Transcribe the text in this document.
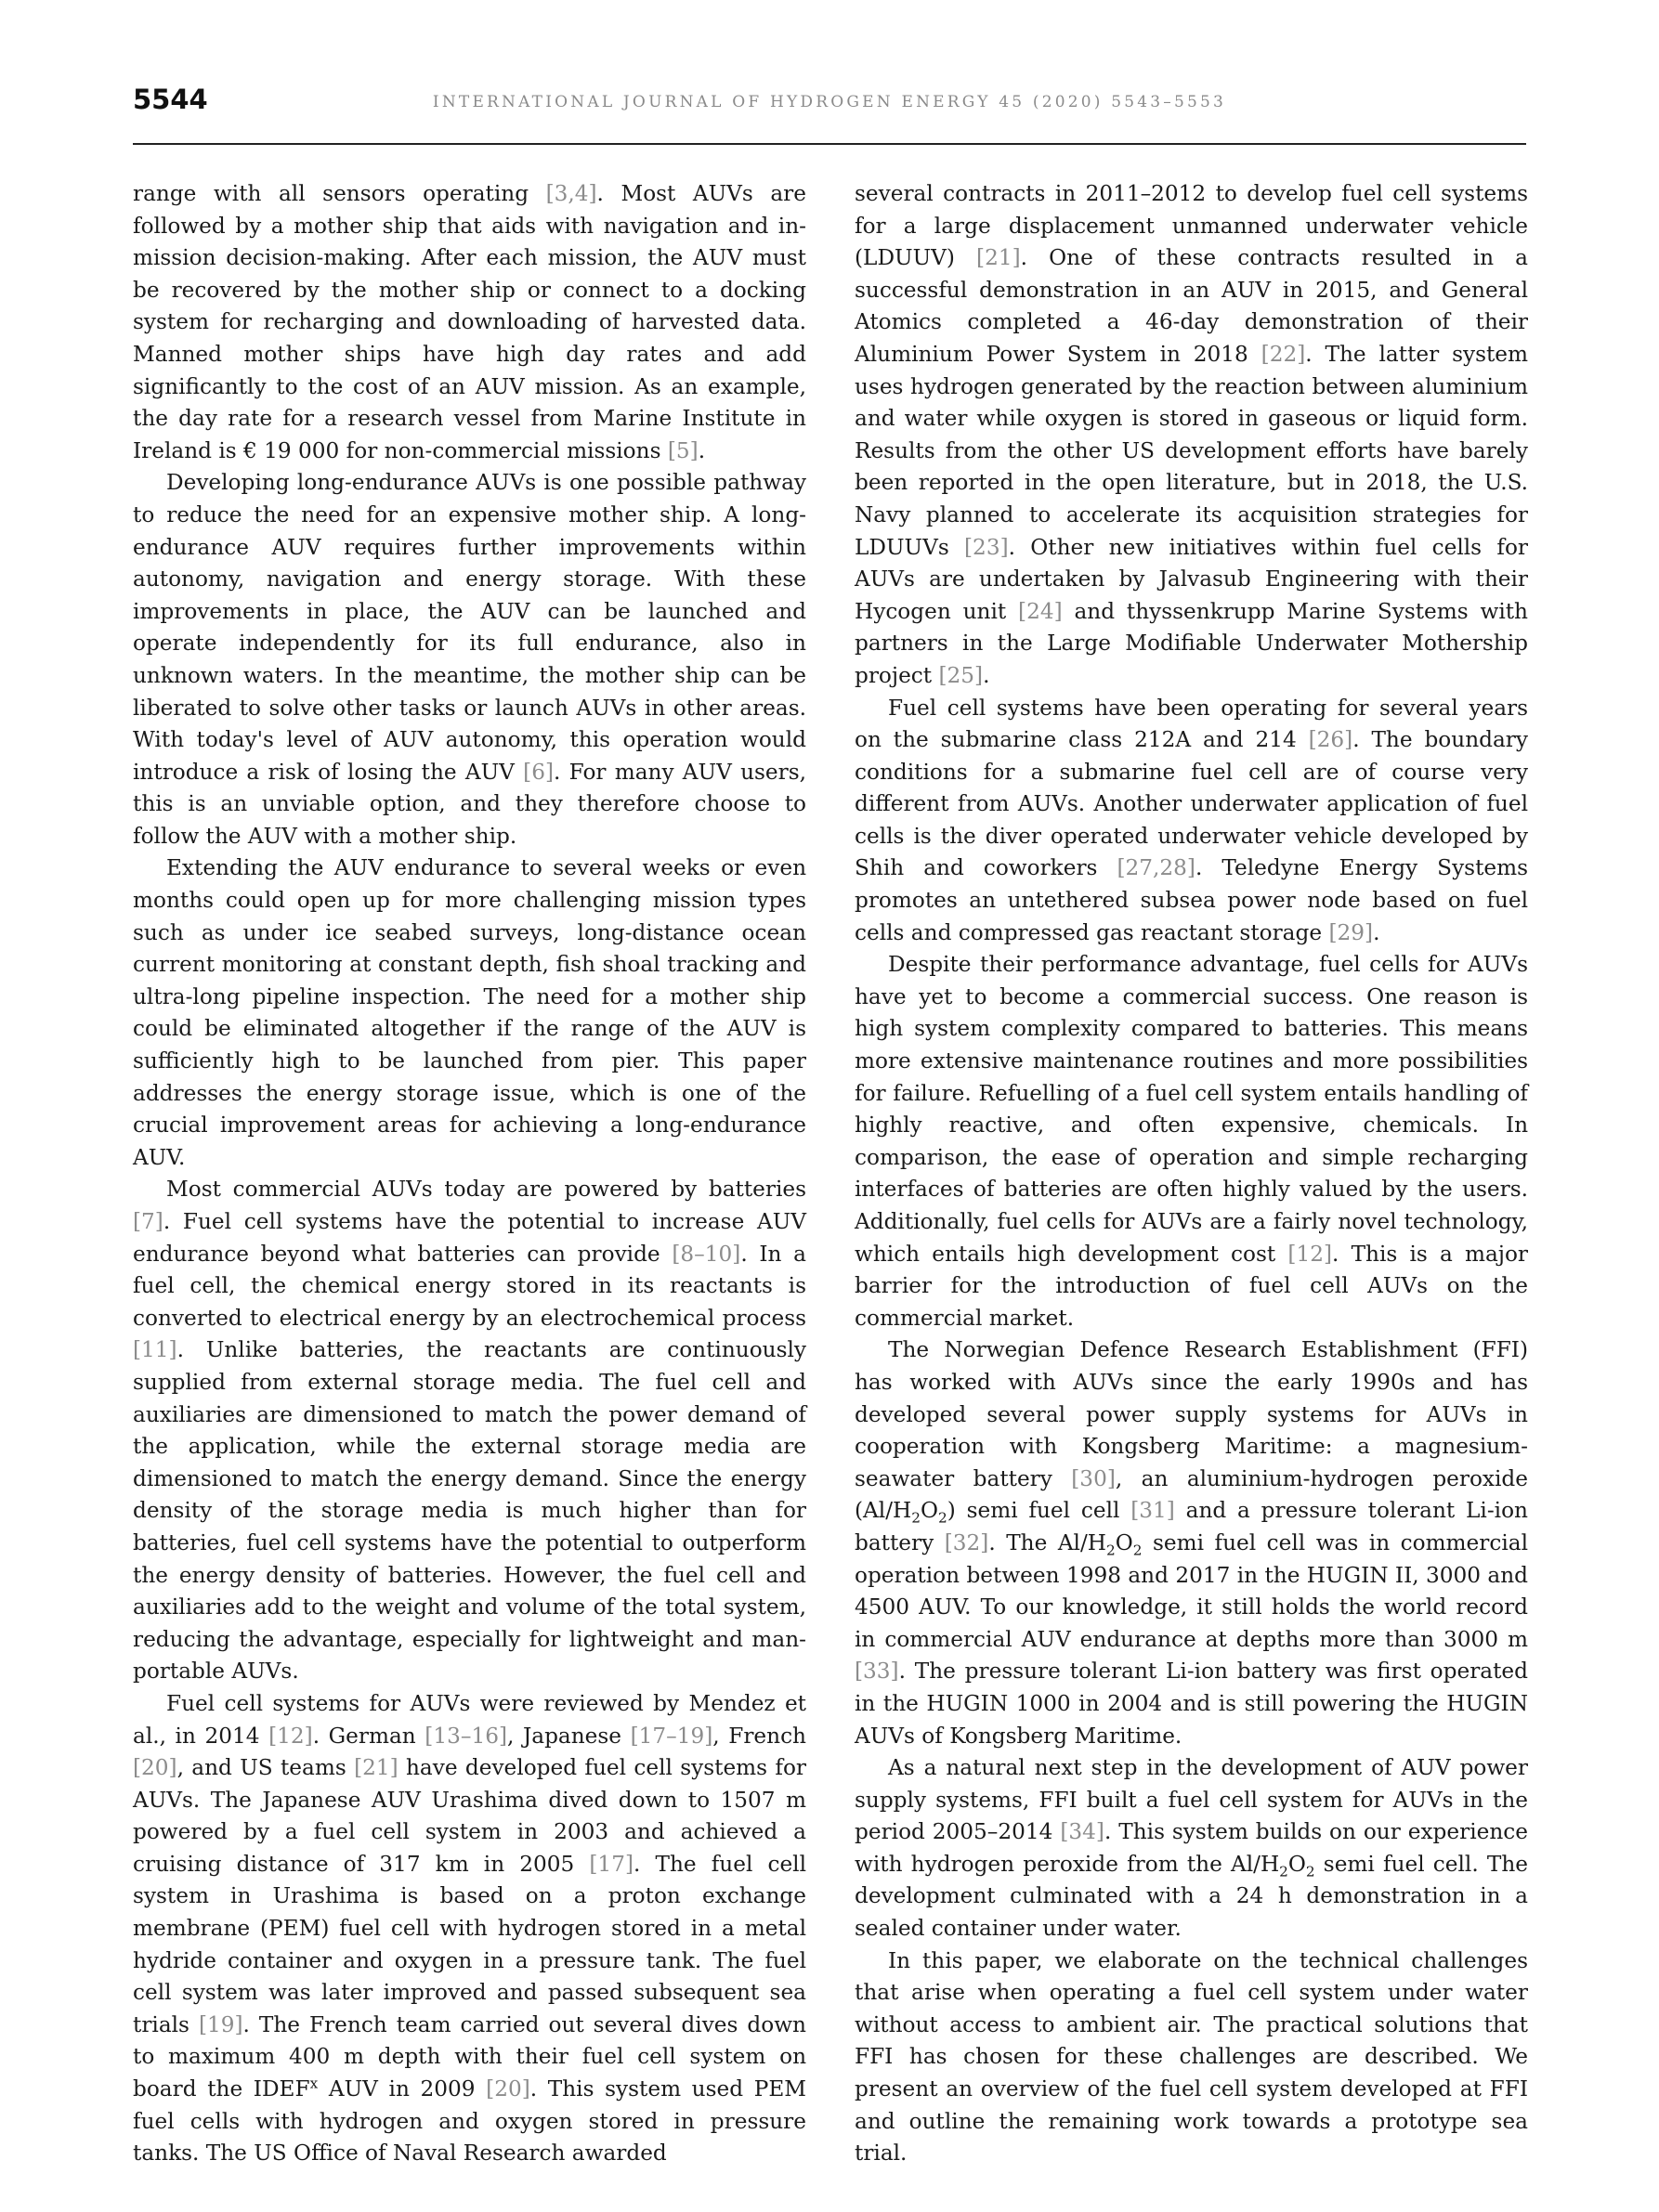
5544	INTERNATIONAL JOURNAL OF HYDROGEN ENERGY 45 (2020) 5543–5553

range with all sensors operating [3,4]. Most AUVs are followed by a mother ship that aids with navigation and in-mission decision-making. After each mission, the AUV must be recovered by the mother ship or connect to a docking system for recharging and downloading of harvested data. Manned mother ships have high day rates and add significantly to the cost of an AUV mission. As an example, the day rate for a research vessel from Marine Institute in Ireland is € 19 000 for non-commercial missions [5].

Developing long-endurance AUVs is one possible pathway to reduce the need for an expensive mother ship. A long-endurance AUV requires further improvements within autonomy, navigation and energy storage. With these improvements in place, the AUV can be launched and operate independently for its full endurance, also in unknown waters. In the meantime, the mother ship can be liberated to solve other tasks or launch AUVs in other areas. With today's level of AUV autonomy, this operation would introduce a risk of losing the AUV [6]. For many AUV users, this is an unviable option, and they therefore choose to follow the AUV with a mother ship.

Extending the AUV endurance to several weeks or even months could open up for more challenging mission types such as under ice seabed surveys, long-distance ocean current monitoring at constant depth, fish shoal tracking and ultra-long pipeline inspection. The need for a mother ship could be eliminated altogether if the range of the AUV is sufficiently high to be launched from pier. This paper addresses the energy storage issue, which is one of the crucial improvement areas for achieving a long-endurance AUV.

Most commercial AUVs today are powered by batteries [7]. Fuel cell systems have the potential to increase AUV endurance beyond what batteries can provide [8–10]. In a fuel cell, the chemical energy stored in its reactants is converted to electrical energy by an electrochemical process [11]. Unlike batteries, the reactants are continuously supplied from external storage media. The fuel cell and auxiliaries are dimensioned to match the power demand of the application, while the external storage media are dimensioned to match the energy demand. Since the energy density of the storage media is much higher than for batteries, fuel cell systems have the potential to outperform the energy density of batteries. However, the fuel cell and auxiliaries add to the weight and volume of the total system, reducing the advantage, especially for lightweight and man-portable AUVs.

Fuel cell systems for AUVs were reviewed by Mendez et al., in 2014 [12]. German [13–16], Japanese [17–19], French [20], and US teams [21] have developed fuel cell systems for AUVs. The Japanese AUV Urashima dived down to 1507 m powered by a fuel cell system in 2003 and achieved a cruising distance of 317 km in 2005 [17]. The fuel cell system in Urashima is based on a proton exchange membrane (PEM) fuel cell with hydrogen stored in a metal hydride container and oxygen in a pressure tank. The fuel cell system was later improved and passed subsequent sea trials [19]. The French team carried out several dives down to maximum 400 m depth with their fuel cell system on board the IDEF$^x$ AUV in 2009 [20]. This system used PEM fuel cells with hydrogen and oxygen stored in pressure tanks. The US Office of Naval Research awarded

several contracts in 2011–2012 to develop fuel cell systems for a large displacement unmanned underwater vehicle (LDUUV) [21]. One of these contracts resulted in a successful demonstration in an AUV in 2015, and General Atomics completed a 46-day demonstration of their Aluminium Power System in 2018 [22]. The latter system uses hydrogen generated by the reaction between aluminium and water while oxygen is stored in gaseous or liquid form. Results from the other US development efforts have barely been reported in the open literature, but in 2018, the U.S. Navy planned to accelerate its acquisition strategies for LDUUVs [23]. Other new initiatives within fuel cells for AUVs are undertaken by Jalvasub Engineering with their Hycogen unit [24] and thyssenkrupp Marine Systems with partners in the Large Modifiable Underwater Mothership project [25].

Fuel cell systems have been operating for several years on the submarine class 212A and 214 [26]. The boundary conditions for a submarine fuel cell are of course very different from AUVs. Another underwater application of fuel cells is the diver operated underwater vehicle developed by Shih and coworkers [27,28]. Teledyne Energy Systems promotes an untethered subsea power node based on fuel cells and compressed gas reactant storage [29].

Despite their performance advantage, fuel cells for AUVs have yet to become a commercial success. One reason is high system complexity compared to batteries. This means more extensive maintenance routines and more possibilities for failure. Refuelling of a fuel cell system entails handling of highly reactive, and often expensive, chemicals. In comparison, the ease of operation and simple recharging interfaces of batteries are often highly valued by the users. Additionally, fuel cells for AUVs are a fairly novel technology, which entails high development cost [12]. This is a major barrier for the introduction of fuel cell AUVs on the commercial market.

The Norwegian Defence Research Establishment (FFI) has worked with AUVs since the early 1990s and has developed several power supply systems for AUVs in cooperation with Kongsberg Maritime: a magnesium-seawater battery [30], an aluminium-hydrogen peroxide $(Al/H_2O_2)$ semi fuel cell [31] and a pressure tolerant Li-ion battery [32]. The $Al/H_2O_2$ semi fuel cell was in commercial operation between 1998 and 2017 in the HUGIN II, 3000 and 4500 AUV. To our knowledge, it still holds the world record in commercial AUV endurance at depths more than 3000 m [33]. The pressure tolerant Li-ion battery was first operated in the HUGIN 1000 in 2004 and is still powering the HUGIN AUVs of Kongsberg Maritime.

As a natural next step in the development of AUV power supply systems, FFI built a fuel cell system for AUVs in the period 2005–2014 [34]. This system builds on our experience with hydrogen peroxide from the $Al/H_2O_2$ semi fuel cell. The development culminated with a 24 h demonstration in a sealed container under water.

In this paper, we elaborate on the technical challenges that arise when operating a fuel cell system under water without access to ambient air. The practical solutions that FFI has chosen for these challenges are described. We present an overview of the fuel cell system developed at FFI and outline the remaining work towards a prototype sea trial.
